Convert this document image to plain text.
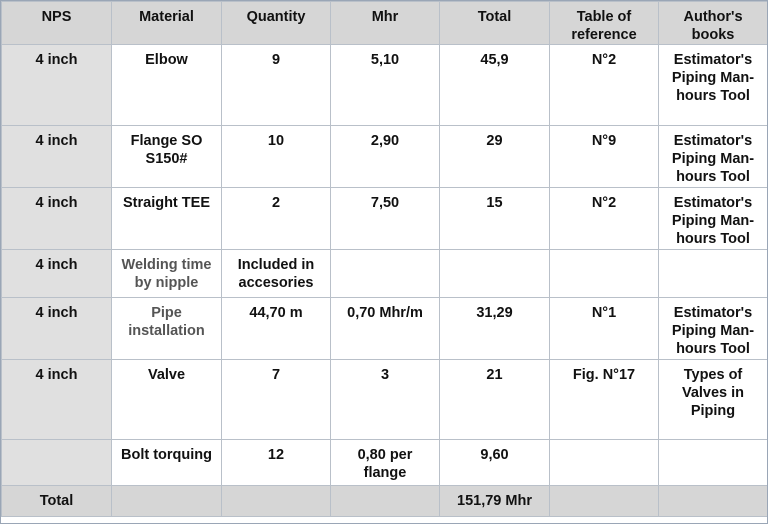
NPS	Material	Quantity	Mhr	Total	Table of reference	Author's books
4 inch	Elbow	9	5,10	45,9	N°2	Estimator's Piping Man-hours Tool
4 inch	Flange SO S150#	10	2,90	29	N°9	Estimator's Piping Man-hours Tool
4 inch	Straight TEE	2	7,50	15	N°2	Estimator's Piping Man-hours Tool
4 inch	Welding time by nipple	Included in accesories				
4 inch	Pipe installation	44,70 m	0,70 Mhr/m	31,29	N°1	Estimator's Piping Man-hours Tool
4 inch	Valve	7	3	21	Fig. N°17	Types of Valves in Piping
	Bolt torquing	12	0,80 per flange	9,60		
Total				151,79 Mhr		
